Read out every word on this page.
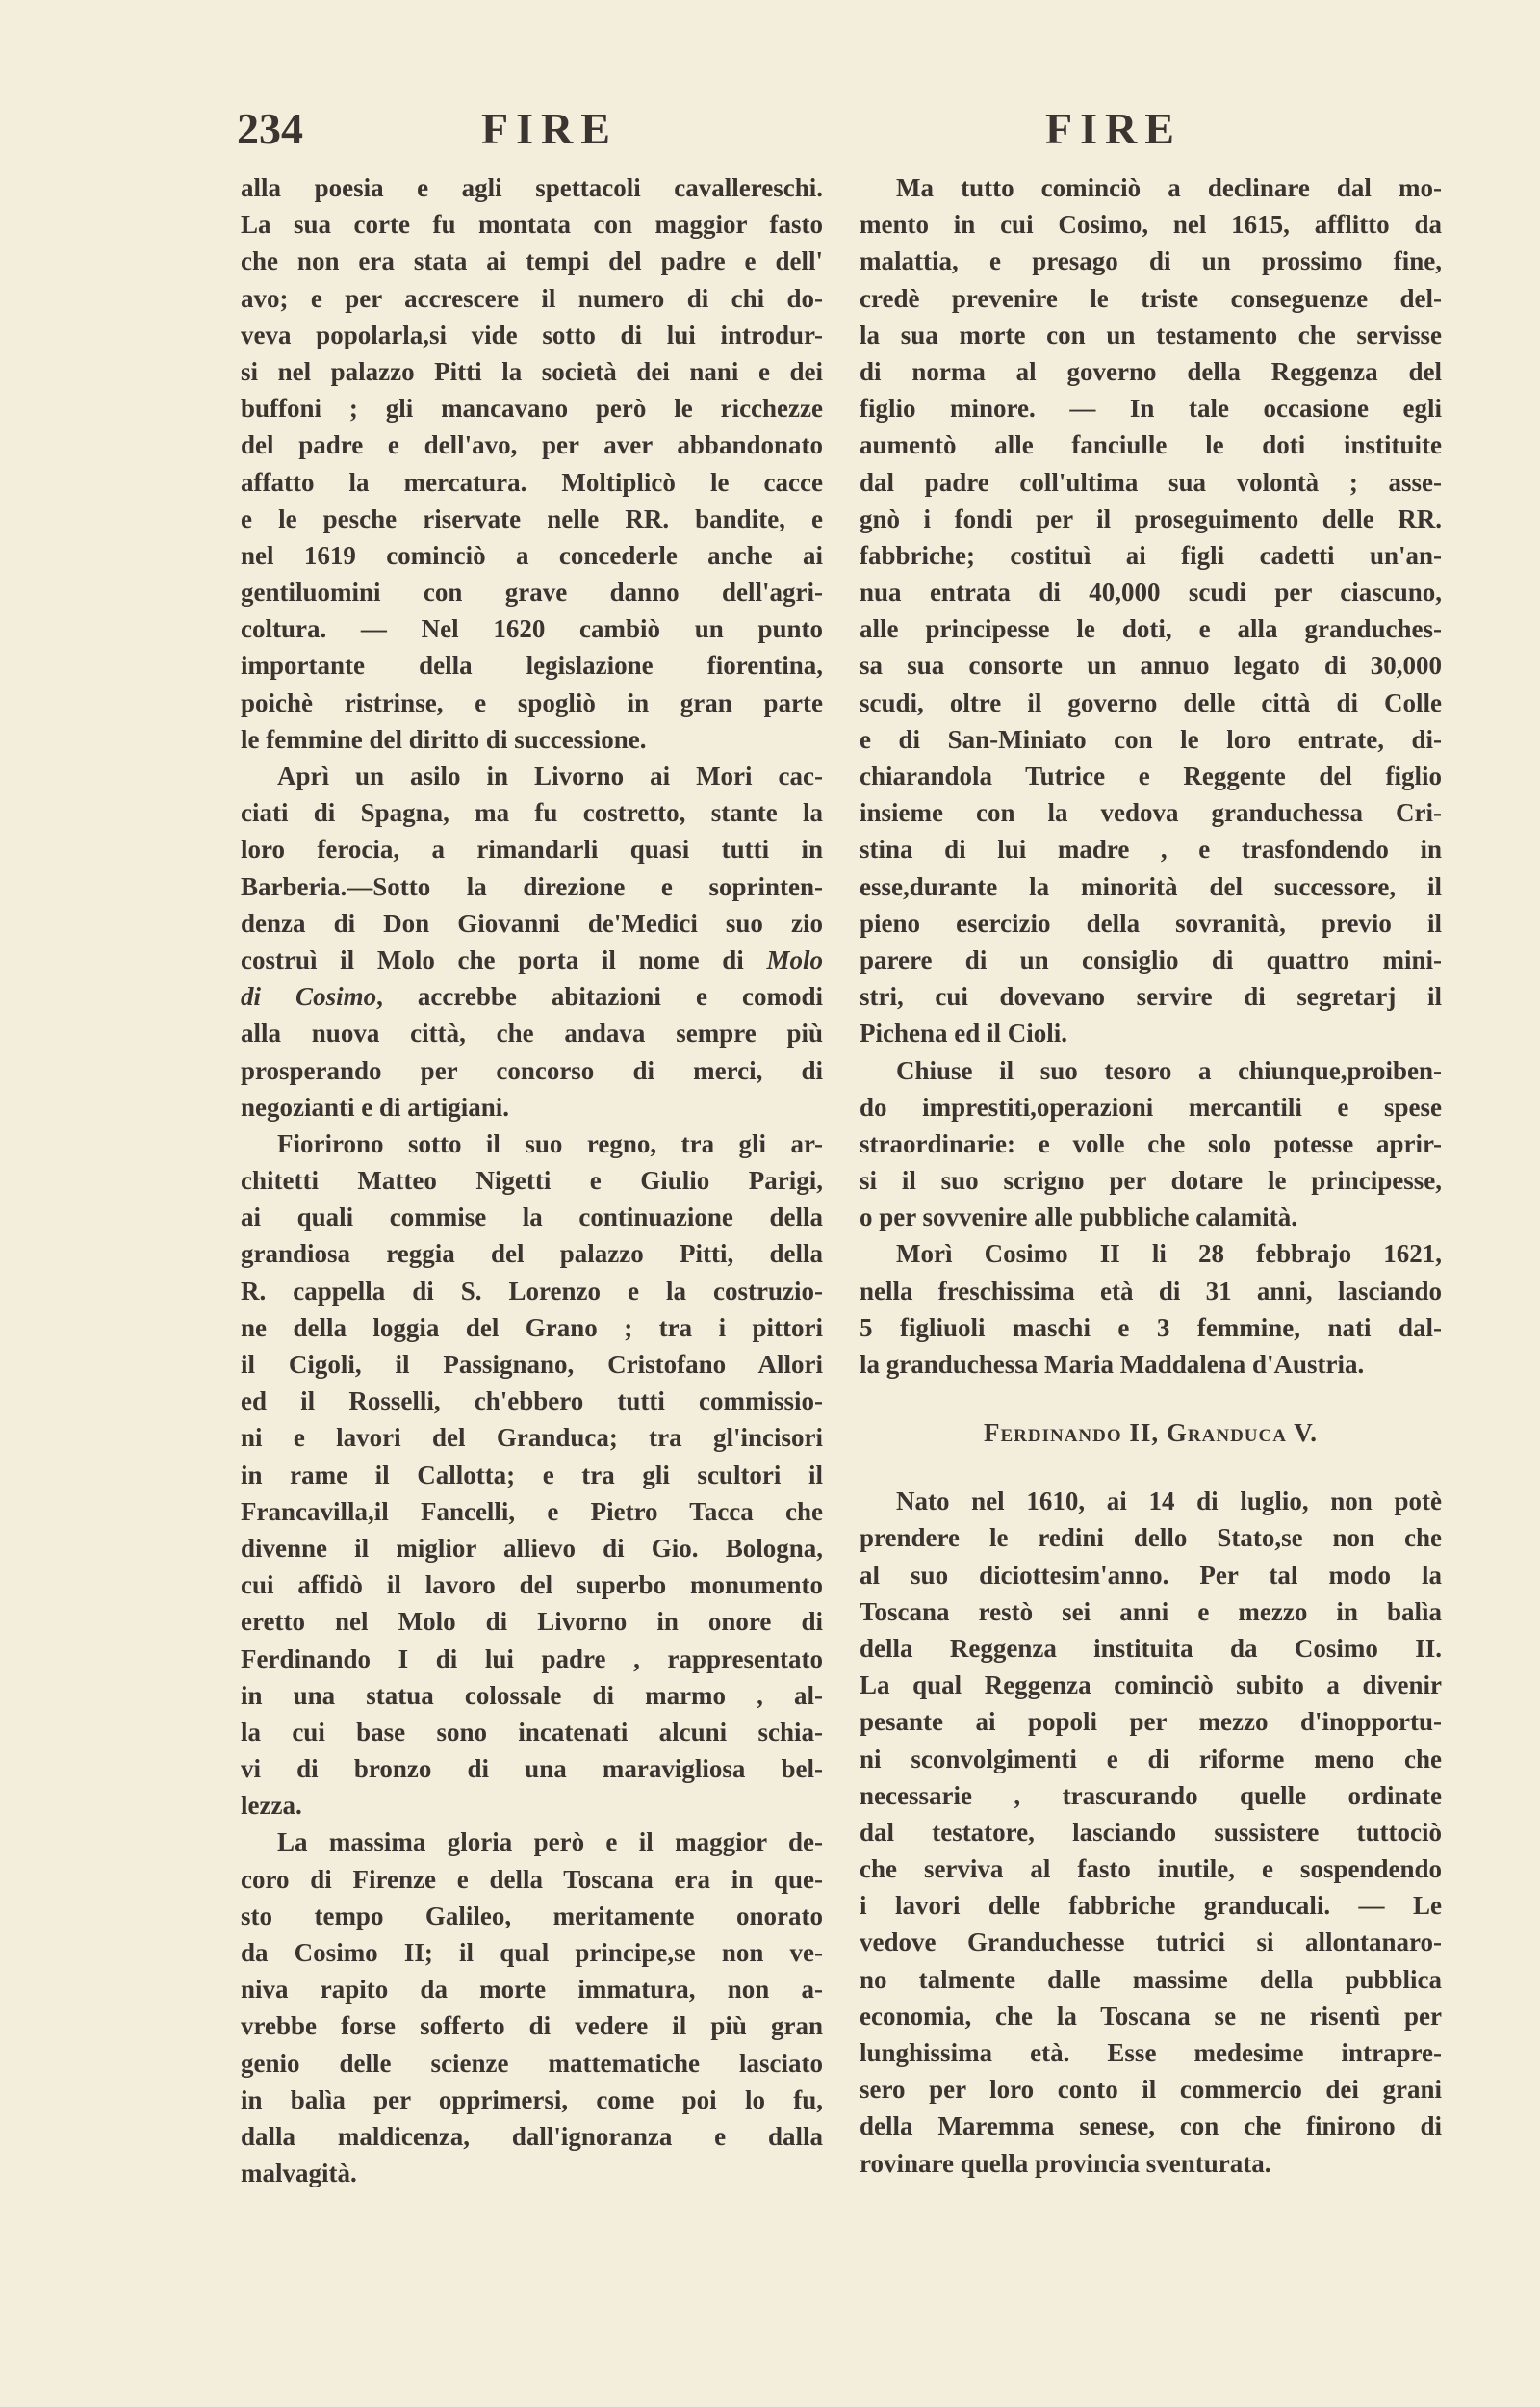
234	FIRE	FIRE
alla poesia e agli spettacoli cavallereschi.
La sua corte fu montata con maggior fasto
che non era stata ai tempi del padre e dell'
avo; e per accrescere il numero di chi do-
veva popolarla,si vide sotto di lui introdur-
si nel palazzo Pitti la società dei nani e dei
buffoni ; gli mancavano però le ricchezze
del padre e dell'avo, per aver abbandonato
affatto la mercatura. Moltiplicò le cacce
e le pesche riservate nelle RR. bandite, e
nel 1619 cominciò a concederle anche ai
gentiluomini con grave danno dell'agri-
coltura. — Nel 1620 cambiò un punto
importante della legislazione fiorentina,
poichè ristrinse, e spogliò in gran parte
le femmine del diritto di successione.
Aprì un asilo in Livorno ai Mori cac-
ciati di Spagna, ma fu costretto, stante la
loro ferocia, a rimandarli quasi tutti in
Barberia.—Sotto la direzione e soprinten-
denza di Don Giovanni de'Medici suo zio
costruì il Molo che porta il nome di Molo
di Cosimo, accrebbe abitazioni e comodi
alla nuova città, che andava sempre più
prosperando per concorso di merci, di
negozianti e di artigiani.
Fiorirono sotto il suo regno, tra gli ar-
chitetti Matteo Nigetti e Giulio Parigi,
ai quali commise la continuazione della
grandiosa reggia del palazzo Pitti, della
R. cappella di S. Lorenzo e la costruzio-
ne della loggia del Grano ; tra i pittori
il Cigoli, il Passignano, Cristofano Allori
ed il Rosselli, ch'ebbero tutti commissio-
ni e lavori del Granduca; tra gl'incisori
in rame il Callotta; e tra gli scultori il
Francavilla,il Fancelli, e Pietro Tacca che
divenne il miglior allievo di Gio. Bologna,
cui affidò il lavoro del superbo monumento
eretto nel Molo di Livorno in onore di
Ferdinando I di lui padre , rappresentato
in una statua colossale di marmo , al-
la cui base sono incatenati alcuni schia-
vi di bronzo di una maravigliosa bel-
lezza.
La massima gloria però e il maggior de-
coro di Firenze e della Toscana era in que-
sto tempo Galileo, meritamente onorato
da Cosimo II; il qual principe,se non ve-
niva rapito da morte immatura, non a-
vrebbe forse sofferto di vedere il più gran
genio delle scienze mattematiche lasciato
in balìa per opprimersi, come poi lo fu,
dalla maldicenza, dall'ignoranza e dalla
malvagità.
Ma tutto cominciò a declinare dal mo-
mento in cui Cosimo, nel 1615, afflitto da
malattia, e presago di un prossimo fine,
credè prevenire le triste conseguenze del-
la sua morte con un testamento che servisse
di norma al governo della Reggenza del
figlio minore. — In tale occasione egli
aumentò alle fanciulle le doti instituite
dal padre coll'ultima sua volontà ; asse-
gnò i fondi per il proseguimento delle RR.
fabbriche; costituì ai figli cadetti un'an-
nua entrata di 40,000 scudi per ciascuno,
alle principesse le doti, e alla granduches-
sa sua consorte un annuo legato di 30,000
scudi, oltre il governo delle città di Colle
e di San-Miniato con le loro entrate, di-
chiarandola Tutrice e Reggente del figlio
insieme con la vedova granduchessa Cri-
stina di lui madre , e trasfondendo in
esse,durante la minorità del successore, il
pieno esercizio della sovranità, previo il
parere di un consiglio di quattro mini-
stri, cui dovevano servire di segretarj il
Pichena ed il Cioli.
Chiuse il suo tesoro a chiunque,proiben-
do imprestiti,operazioni mercantili e spese
straordinarie: e volle che solo potesse aprir-
si il suo scrigno per dotare le principesse,
o per sovvenire alle pubbliche calamità.
Morì Cosimo II li 28 febbrajo 1621,
nella freschissima età di 31 anni, lasciando
5 figliuoli maschi e 3 femmine, nati dal-
la granduchessa Maria Maddalena d'Austria.
Ferdinando II, Granduca V.
Nato nel 1610, ai 14 di luglio, non potè
prendere le redini dello Stato,se non che
al suo diciottesim'anno. Per tal modo la
Toscana restò sei anni e mezzo in balìa
della Reggenza instituita da Cosimo II.
La qual Reggenza cominciò subito a divenir
pesante ai popoli per mezzo d'inopportu-
ni sconvolgimenti e di riforme meno che
necessarie , trascurando quelle ordinate
dal testatore, lasciando sussistere tuttociò
che serviva al fasto inutile, e sospendendo
i lavori delle fabbriche granducali. — Le
vedove Granduchesse tutrici si allontanaro-
no talmente dalle massime della pubblica
economia, che la Toscana se ne risentì per
lunghissima età. Esse medesime intrapre-
sero per loro conto il commercio dei grani
della Maremma senese, con che finirono di
rovinare quella provincia sventurata.
